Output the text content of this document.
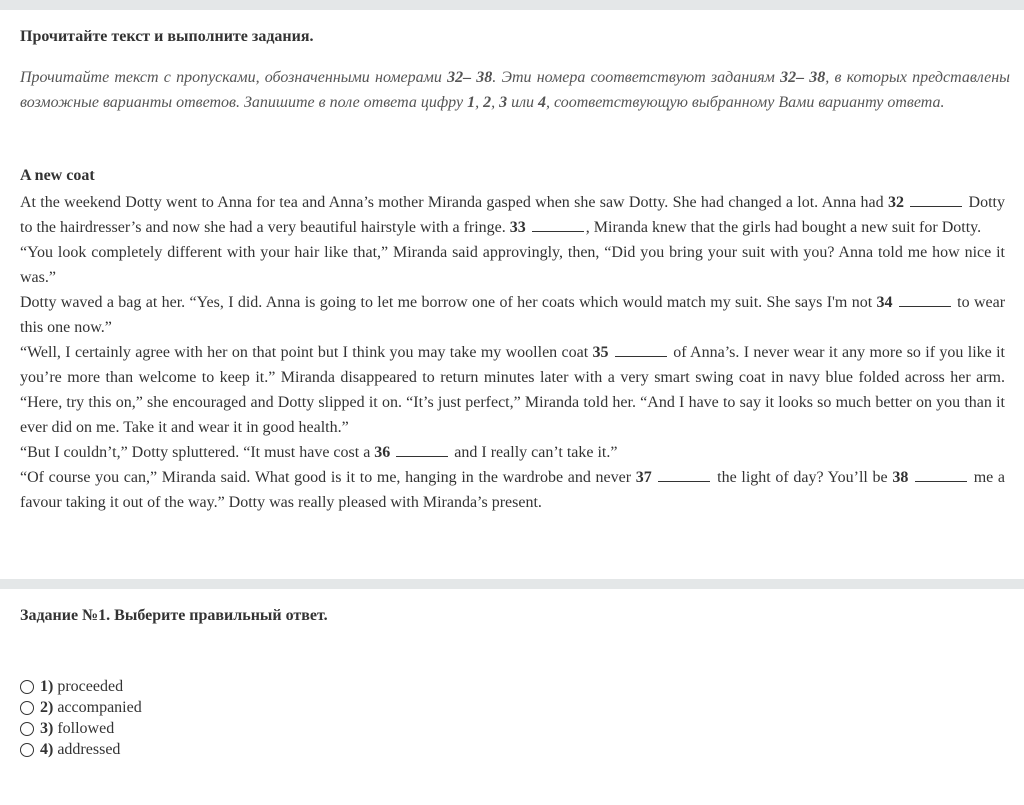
Прочитайте текст и выполните задания.
Прочитайте текст с пропусками, обозначенными номерами 32– 38. Эти номера соответствуют заданиям 32– 38, в которых представлены возможные варианты ответов. Запишите в поле ответа цифру 1, 2, 3 или 4, соответствующую выбранному Вами варианту ответа.
A new coat

At the weekend Dotty went to Anna for tea and Anna’s mother Miranda gasped when she saw Dotty. She had changed a lot. Anna had 32	Dotty to the hairdresser’s and now she had a very beautiful hairstyle with a fringe. 33	, Miranda knew that the girls had bought a new suit for Dotty.

“You look completely different with your hair like that,” Miranda said approvingly, then, “Did you bring your suit with you? Anna told me how nice it was.”

Dotty waved a bag at her. “Yes, I did. Anna is going to let me borrow one of her coats which would match my suit. She says I'm not 34	to wear this one now.”

“Well, I certainly agree with her on that point but I think you may take my woollen coat 35	of Anna’s. I never wear it any more so if you like it you’re more than welcome to keep it.” Miranda disappeared to return minutes later with a very smart swing coat in navy blue folded across her arm. “Here, try this on,” she encouraged and Dotty slipped it on. “It’s just perfect,” Miranda told her. “And I have to say it looks so much better on you than it ever did on me. Take it and wear it in good health.”

“But I couldn’t,” Dotty spluttered. “It must have cost a 36	and I really can’t take it.”

“Of course you can,” Miranda said. What good is it to me, hanging in the wardrobe and never 37	the light of day? You’ll be 38	me a favour taking it out of the way.” Dotty was really pleased with Miranda’s present.

Задание №1. Выберите правильный ответ.
1) proceeded
2) accompanied
3) followed
4) addressed
